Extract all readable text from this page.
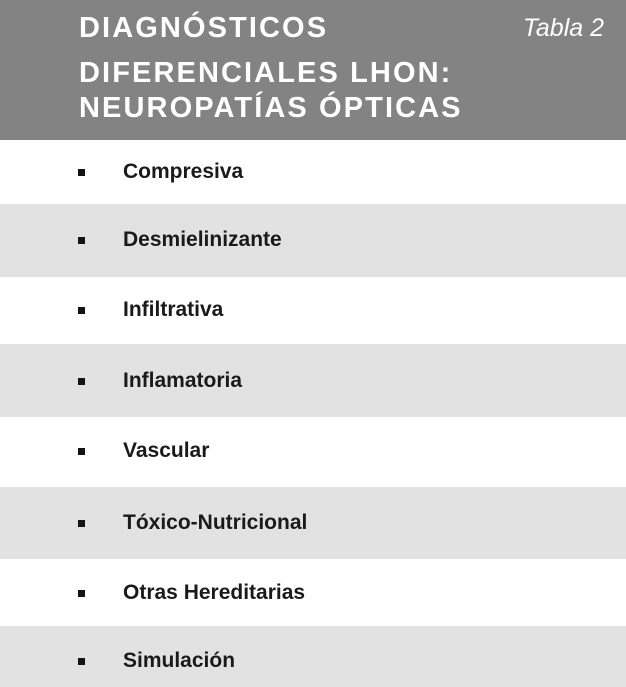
DIAGNÓSTICOS
DIFERENCIALES LHON:
NEUROPATÍAS ÓPTICAS
Tabla 2
Compresiva
Desmielinizante
Infiltrativa
Inflamatoria
Vascular
Tóxico-Nutricional
Otras Hereditarias
Simulación
